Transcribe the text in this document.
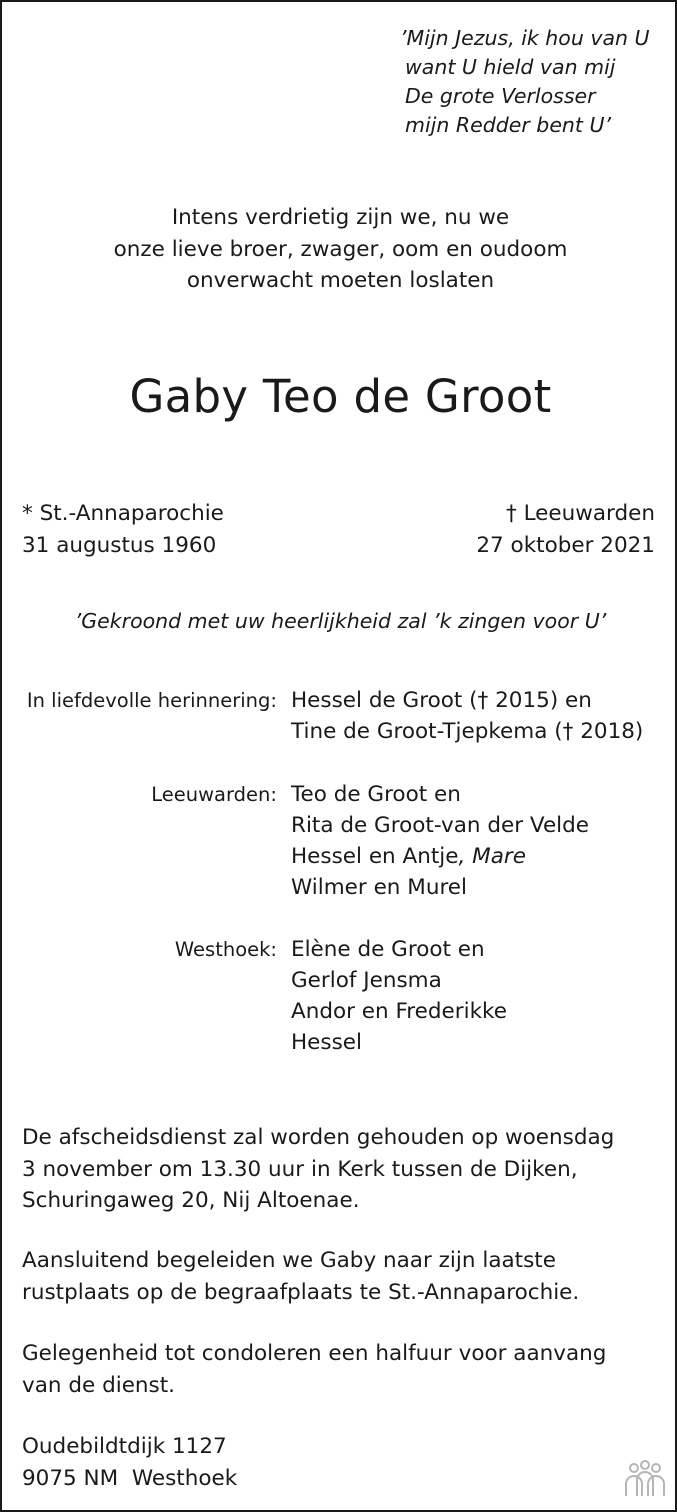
’Mijn Jezus, ik hou van U
want U hield van mij
De grote Verlosser
mijn Redder bent U’
Intens verdrietig zijn we, nu we
onze lieve broer, zwager, oom en oudoom
onverwacht moeten loslaten
Gaby Teo de Groot
* St.-Annaparochie
31 augustus 1960
† Leeuwarden
27 oktober 2021
’Gekroond met uw heerlijkheid zal ’k zingen voor U’
In liefdevolle herinnering: Hessel de Groot († 2015) en
Tine de Groot-Tjepkema († 2018)
Leeuwarden: Teo de Groot en
Rita de Groot-van der Velde
Hessel en Antje, Mare
Wilmer en Murel
Westhoek: Elène de Groot en
Gerlof Jensma
Andor en Frederikke
Hessel
De afscheidsdienst zal worden gehouden op woensdag
3 november om 13.30 uur in Kerk tussen de Dijken,
Schuringaweg 20, Nij Altoenae.
Aansluitend begeleiden we Gaby naar zijn laatste
rustplaats op de begraafplaats te St.-Annaparochie.
Gelegenheid tot condoleren een halfuur voor aanvang
van de dienst.
Oudebildtdijk 1127
9075 NM  Westhoek
